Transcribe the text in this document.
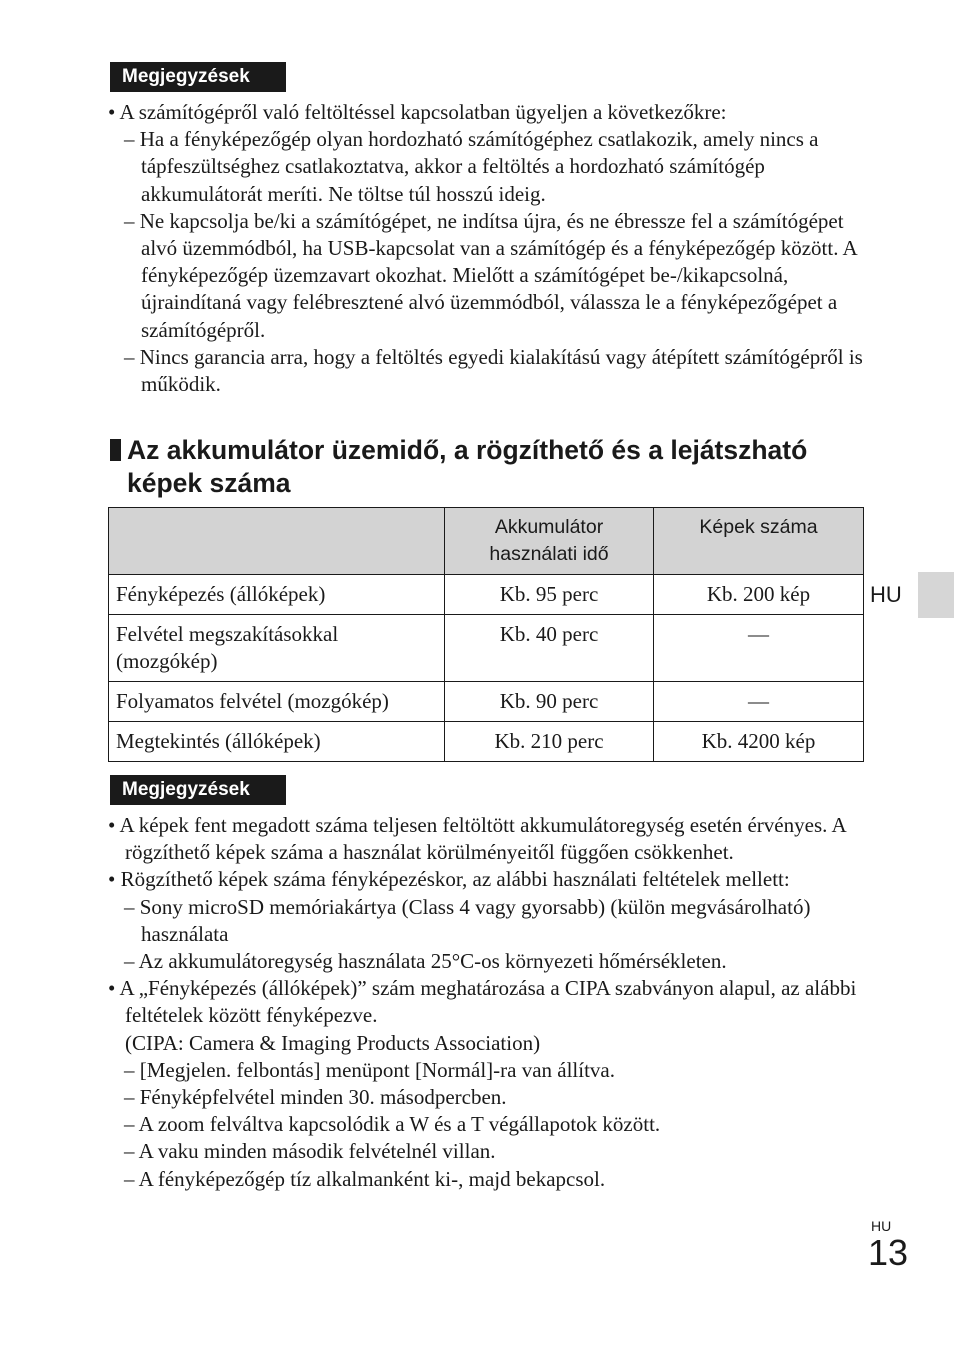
Megjegyzések

• A számítógépről való feltöltéssel kapcsolatban ügyeljen a következőkre:

– Ha a fényképezőgép olyan hordozható számítógéphez csatlakozik, amely nincs a tápfeszültséghez csatlakoztatva, akkor a feltöltés a hordozható számítógép akkumulátorát meríti. Ne töltse túl hosszú ideig.

– Ne kapcsolja be/ki a számítógépet, ne indítsa újra, és ne ébressze fel a számítógépet alvó üzemmódból, ha USB-kapcsolat van a számítógép és a fényképezőgép között. A fényképezőgép üzemzavart okozhat. Mielőtt a számítógépet be-/kikapcsolná, újraindítaná vagy felébresztené alvó üzemmódból, válassza le a fényképezőgépet a számítógépről.

– Nincs garancia arra, hogy a feltöltés egyedi kialakítású vagy átépített számítógépről is működik.

Az akkumulátor üzemidő, a rögzíthető és a lejátszható képek száma
	Akkumulátor használati idő	Képek száma
Fényképezés (állóképek)	Kb. 95 perc	Kb. 200 kép
Felvétel megszakításokkal (mozgókép)	Kb. 40 perc	—
Folyamatos felvétel (mozgókép)	Kb. 90 perc	—
Megtekintés (állóképek)	Kb. 210 perc	Kb. 4200 kép
HU
Megjegyzések

• A képek fent megadott száma teljesen feltöltött akkumulátoregység esetén érvényes. A rögzíthető képek száma a használat körülményeitől függően csökkenhet.

• Rögzíthető képek száma fényképezéskor, az alábbi használati feltételek mellett:

– Sony microSD memóriakártya (Class 4 vagy gyorsabb) (külön megvásárolható) használata

– Az akkumulátoregység használata 25°C-os környezeti hőmérsékleten.

• A „Fényképezés (állóképek)” szám meghatározása a CIPA szabványon alapul, az alábbi feltételek között fényképezve.

(CIPA: Camera & Imaging Products Association)

– [Megjelen. felbontás] menüpont [Normál]-ra van állítva.

– Fényképfelvétel minden 30. másodpercben.

– A zoom felváltva kapcsolódik a W és a T végállapotok között.

– A vaku minden második felvételnél villan.

– A fényképezőgép tíz alkalmanként ki-, majd bekapcsol.

HU
13
